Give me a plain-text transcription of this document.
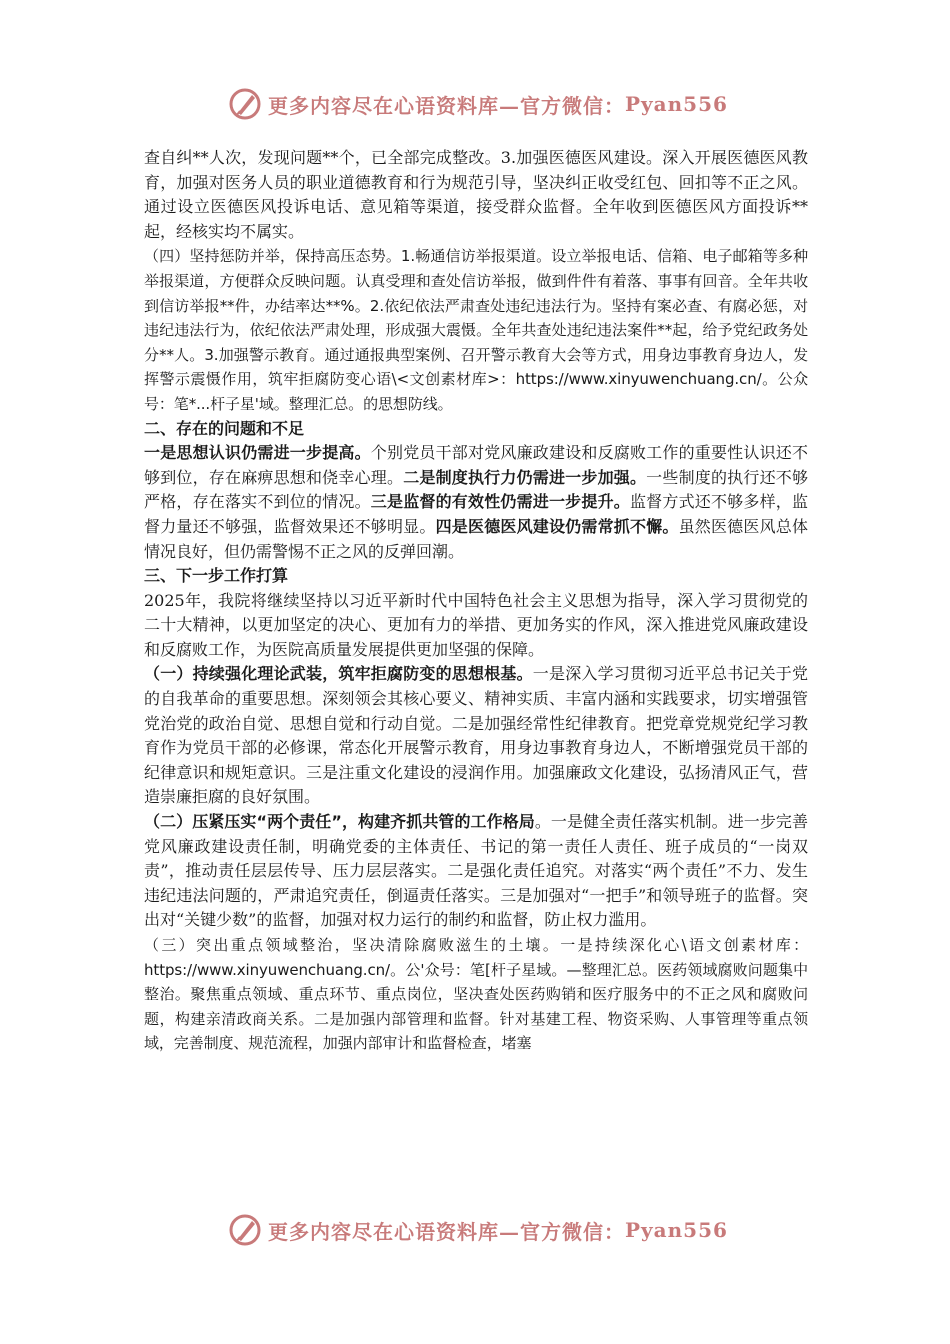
更多内容尽在心语资料库—官方微信： Pyan556

查自纠**人次，发现问题**个，已全部完成整改。3.加强医德医风建设。深入开展医德医风教育，加强对医务人员的职业道德教育和行为规范引导，坚决纠正收受红包、回扣等不正之风。通过设立医德医风投诉电话、意见箱等渠道，接受群众监督。全年收到医德医风方面投诉**起，经核实均不属实。

（四）坚持惩防并举，保持高压态势。1.畅通信访举报渠道。设立举报电话、信箱、电子邮箱等多种举报渠道，方便群众反映问题。认真受理和查处信访举报，做到件件有着落、事事有回音。全年共收到信访举报**件，办结率达**%。2.依纪依法严肃查处违纪违法行为。坚持有案必查、有腐必惩，对违纪违法行为，依纪依法严肃处理，形成强大震慑。全年共查处违纪违法案件**起，给予党纪政务处分**人。3.加强警示教育。通过通报典型案例、召开警示教育大会等方式，用身边事教育身边人，发挥警示震慑作用，筑牢拒腐防变心语\<文创素材库>：https://www.xinyuwenchuang.cn/。公众号：笔*...杆子星'域。整理汇总。的思想防线。

二、存在的问题和不足

一是思想认识仍需进一步提高。个别党员干部对党风廉政建设和反腐败工作的重要性认识还不够到位，存在麻痹思想和侥幸心理。二是制度执行力仍需进一步加强。一些制度的执行还不够严格，存在落实不到位的情况。三是监督的有效性仍需进一步提升。监督方式还不够多样，监督力量还不够强，监督效果还不够明显。四是医德医风建设仍需常抓不懈。虽然医德医风总体情况良好，但仍需警惕不正之风的反弹回潮。

三、下一步工作打算

2025年，我院将继续坚持以习近平新时代中国特色社会主义思想为指导，深入学习贯彻党的二十大精神，以更加坚定的决心、更加有力的举措、更加务实的作风，深入推进党风廉政建设和反腐败工作，为医院高质量发展提供更加坚强的保障。

（一）持续强化理论武装，筑牢拒腐防变的思想根基。一是深入学习贯彻习近平总书记关于党的自我革命的重要思想。深刻领会其核心要义、精神实质、丰富内涵和实践要求，切实增强管党治党的政治自觉、思想自觉和行动自觉。二是加强经常性纪律教育。把党章党规党纪学习教育作为党员干部的必修课，常态化开展警示教育，用身边事教育身边人，不断增强党员干部的纪律意识和规矩意识。三是注重文化建设的浸润作用。加强廉政文化建设，弘扬清风正气，营造崇廉拒腐的良好氛围。

（二）压紧压实“两个责任”，构建齐抓共管的工作格局。一是健全责任落实机制。进一步完善党风廉政建设责任制，明确党委的主体责任、书记的第一责任人责任、班子成员的“一岗双责”，推动责任层层传导、压力层层落实。二是强化责任追究。对落实“两个责任”不力、发生违纪违法问题的，严肃追究责任，倒逼责任落实。三是加强对“一把手”和领导班子的监督。突出对“关键少数”的监督，加强对权力运行的制约和监督，防止权力滥用。

（三）突出重点领域整治，坚决清除腐败滋生的土壤。一是持续深化心\语文创素材库：https://www.xinyuwenchuang.cn/。公'众号：笔[杆子星域。—整理汇总。医药领域腐败问题集中整治。聚焦重点领域、重点环节、重点岗位，坚决查处医药购销和医疗服务中的不正之风和腐败问题，构建亲清政商关系。二是加强内部管理和监督。针对基建工程、物资采购、人事管理等重点领域，完善制度、规范流程，加强内部审计和监督检查，堵塞

更多内容尽在心语资料库—官方微信： Pyan556
